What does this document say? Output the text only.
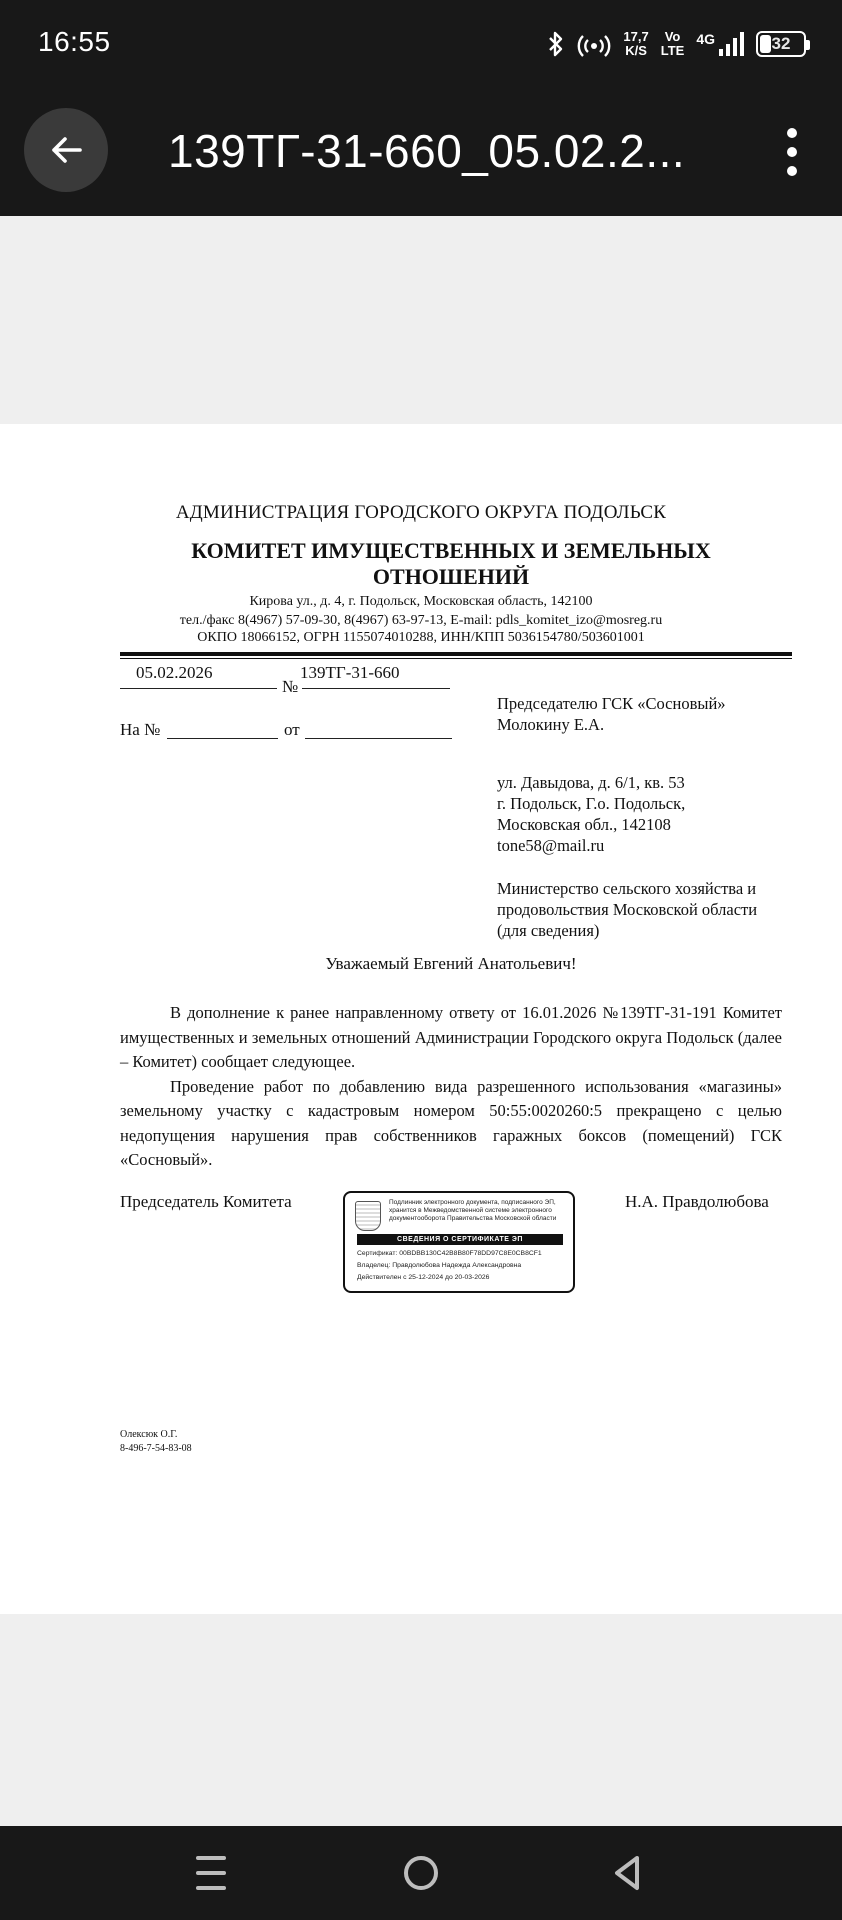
16:55	17,7
K/S
Vo
LTE
4G	32
139ТГ-31-660_05.02.2...
АДМИНИСТРАЦИЯ ГОРОДСКОГО ОКРУГА ПОДОЛЬСК
КОМИТЕТ ИМУЩЕСТВЕННЫХ И ЗЕМЕЛЬНЫХ
ОТНОШЕНИЙ
Кирова ул., д. 4, г. Подольск, Московская область, 142100
тел./факс 8(4967) 57-09-30, 8(4967) 63-97-13, E-mail: pdls_komitet_izo@mosreg.ru
ОКПО 18066152, ОГРН 1155074010288, ИНН/КПП 5036154780/503601001
05.02.2026
№
139ТГ-31-660
На №	от
Председателю ГСК «Сосновый»
Молокину Е.А.
ул. Давыдова, д. 6/1, кв. 53
г. Подольск, Г.о. Подольск,
Московская обл., 142108
tone58@mail.ru
Министерство сельского хозяйства и
продовольствия Московской области
(для сведения)
Уважаемый Евгений Анатольевич!

В дополнение к ранее направленному ответу от 16.01.2026 №139ТГ-31-191 Комитет имущественных и земельных отношений Администрации Городского округа Подольск (далее – Комитет) сообщает следующее.

Проведение работ по добавлению вида разрешенного использования «магазины» земельному участку с кадастровым номером 50:55:0020260:5 прекращено с целью недопущения нарушения прав собственников гаражных боксов (помещений) ГСК «Сосновый».

Председатель Комитета	Н.А. Правдолюбова
Подлинник электронного документа, подписанного ЭП, хранится в Межведомственной системе электронного документооборота Правительства Московской области
СВЕДЕНИЯ О СЕРТИФИКАТЕ ЭП
Сертификат: 00BDBB130C42B8B80F78DD97C8E0CB8CF1
Владелец: Правдолюбова Надежда Александровна
Действителен с 25-12-2024 до 20-03-2026
Олексюк О.Г.
8-496-7-54-83-08
